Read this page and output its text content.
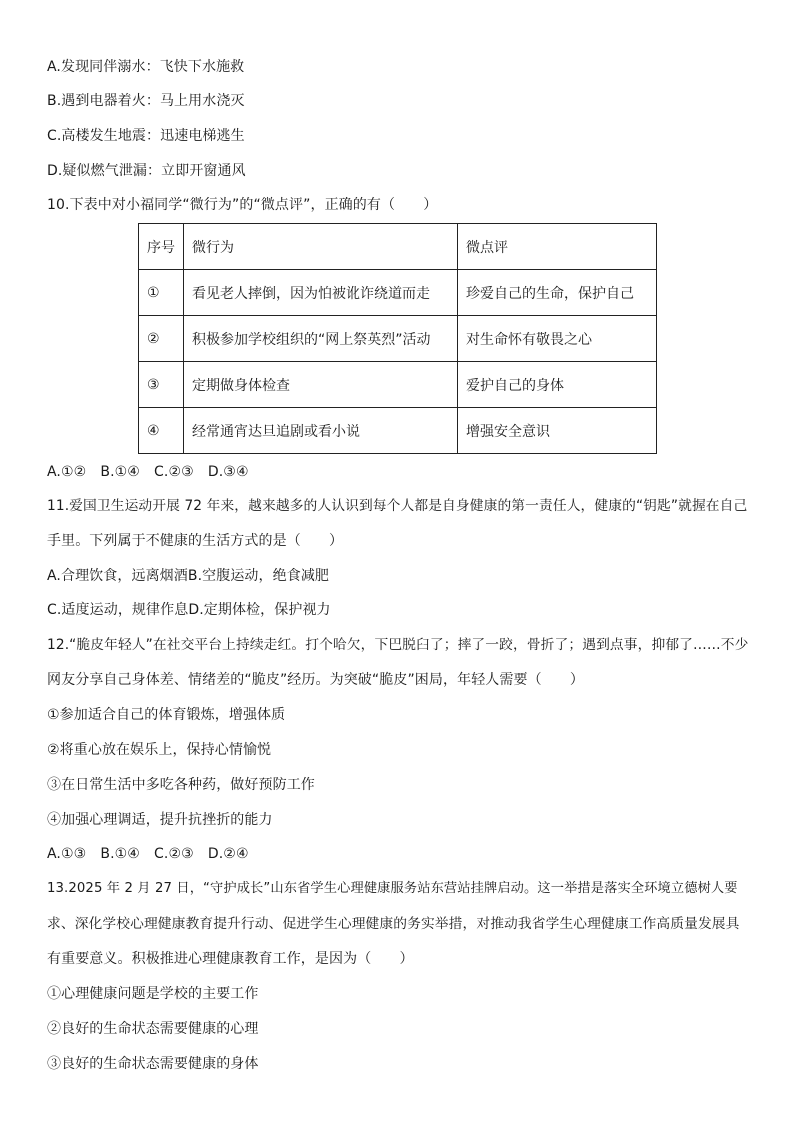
A.发现同伴溺水：飞快下水施救
B.遇到电器着火：马上用水浇灭
C.高楼发生地震：迅速电梯逃生
D.疑似燃气泄漏：立即开窗通风
10.下表中对小福同学“微行为”的“微点评”，正确的有（　　）
序号	微行为	微点评
①	看见老人摔倒，因为怕被讹诈绕道而走	珍爱自己的生命，保护自己
②	积极参加学校组织的“网上祭英烈”活动	对生命怀有敬畏之心
③	定期做身体检查	爱护自己的身体
④	经常通宵达旦追剧或看小说	增强安全意识
A.①②　B.①④　C.②③　D.③④
11.爱国卫生运动开展 72 年来，越来越多的人认识到每个人都是自身健康的第一责任人，健康的“钥匙”就握在自己
手里。下列属于不健康的生活方式的是（　　）
A.合理饮食，远离烟酒B.空腹运动，绝食减肥
C.适度运动，规律作息D.定期体检，保护视力
12.“脆皮年轻人”在社交平台上持续走红。打个哈欠，下巴脱臼了；摔了一跤，骨折了；遇到点事，抑郁了……不少
网友分享自己身体差、情绪差的“脆皮”经历。为突破“脆皮”困局，年轻人需要（　　）
①参加适合自己的体育锻炼，增强体质
②将重心放在娱乐上，保持心情愉悦
③在日常生活中多吃各种药，做好预防工作
④加强心理调适，提升抗挫折的能力
A.①③　B.①④　C.②③　D.②④
13.2025 年 2 月 27 日，“守护成长”山东省学生心理健康服务站东营站挂牌启动。这一举措是落实全环境立德树人要
求、深化学校心理健康教育提升行动、促进学生心理健康的务实举措，对推动我省学生心理健康工作高质量发展具
有重要意义。积极推进心理健康教育工作，是因为（　　）
①心理健康问题是学校的主要工作
②良好的生命状态需要健康的心理
③良好的生命状态需要健康的身体
